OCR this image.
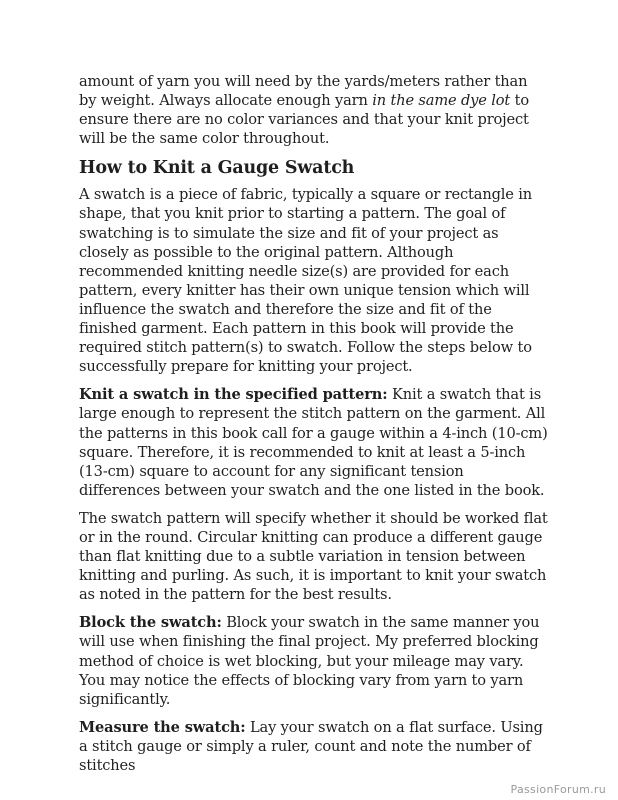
amount of yarn you will need by the yards/meters rather than by weight. Always allocate enough yarn in the same dye lot to ensure there are no color variances and that your knit project will be the same color throughout.

How to Knit a Gauge Swatch

A swatch is a piece of fabric, typically a square or rectangle in shape, that you knit prior to starting a pattern. The goal of swatching is to simulate the size and fit of your project as closely as possible to the original pattern. Although recommended knitting needle size(s) are provided for each pattern, every knitter has their own unique tension which will influence the swatch and therefore the size and fit of the finished garment. Each pattern in this book will provide the required stitch pattern(s) to swatch. Follow the steps below to successfully prepare for knitting your project.

Knit a swatch in the specified pattern: Knit a swatch that is large enough to represent the stitch pattern on the garment. All the patterns in this book call for a gauge within a 4-inch (10-cm) square. Therefore, it is recommended to knit at least a 5-inch (13-cm) square to account for any significant tension differences between your swatch and the one listed in the book.

The swatch pattern will specify whether it should be worked flat or in the round. Circular knitting can produce a different gauge than flat knitting due to a subtle variation in tension between knitting and purling. As such, it is important to knit your swatch as noted in the pattern for the best results.

Block the swatch: Block your swatch in the same manner you will use when finishing the final project. My preferred blocking method of choice is wet blocking, but your mileage may vary. You may notice the effects of blocking vary from yarn to yarn significantly.

Measure the swatch: Lay your swatch on a flat surface. Using a stitch gauge or simply a ruler, count and note the number of stitches

PassionForum.ru
